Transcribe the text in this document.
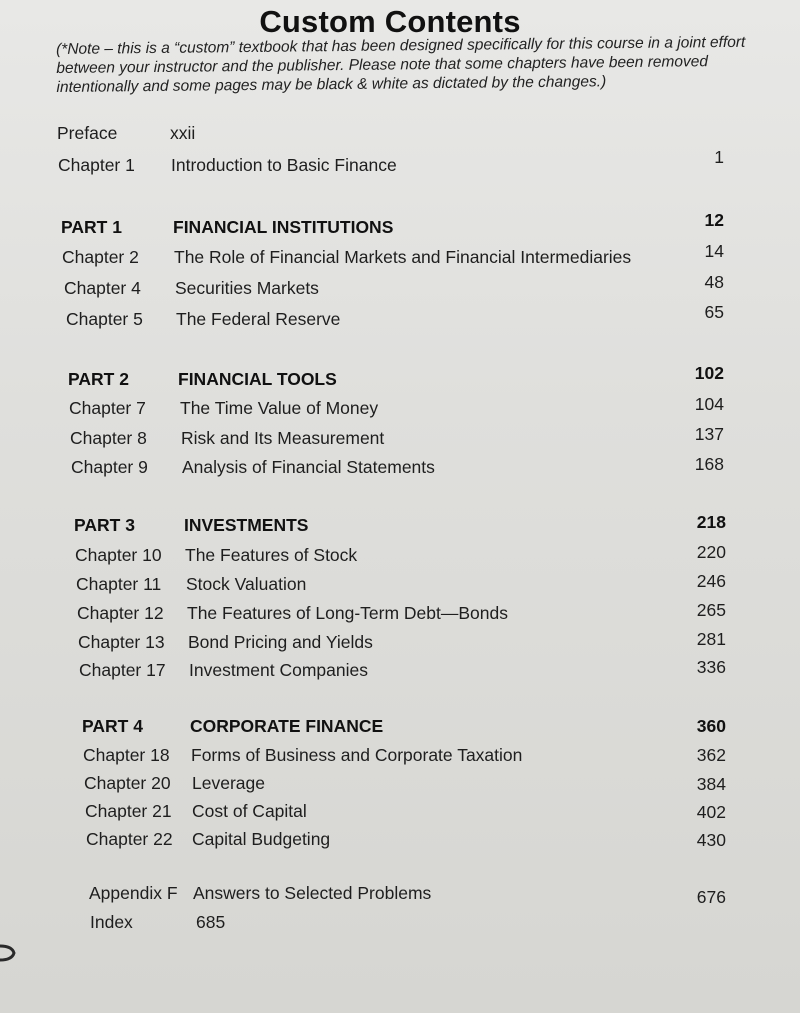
Custom Contents
(*Note – this is a “custom” textbook that has been designed specifically for this course in a joint effort between your instructor and the publisher. Please note that some chapters have been removed intentionally and some pages may be black & white as dictated by the changes.)
Preface	xxii
Chapter 1 Introduction to Basic Finance	1
PART 1	FINANCIAL INSTITUTIONS	12
Chapter 2 The Role of Financial Markets and Financial Intermediaries	14
Chapter 4 Securities Markets	48
Chapter 5 The Federal Reserve	65
PART 2	FINANCIAL TOOLS	102
Chapter 7 The Time Value of Money	104
Chapter 8 Risk and Its Measurement	137
Chapter 9 Analysis of Financial Statements	168
PART 3	INVESTMENTS	218
Chapter 10 The Features of Stock	220
Chapter 11 Stock Valuation	246
Chapter 12 The Features of Long-Term Debt—Bonds	265
Chapter 13 Bond Pricing and Yields	281
Chapter 17 Investment Companies	336
PART 4	CORPORATE FINANCE	360
Chapter 18 Forms of Business and Corporate Taxation	362
Chapter 20 Leverage	384
Chapter 21 Cost of Capital	402
Chapter 22 Capital Budgeting	430
Appendix F Answers to Selected Problems	676
Index	685
